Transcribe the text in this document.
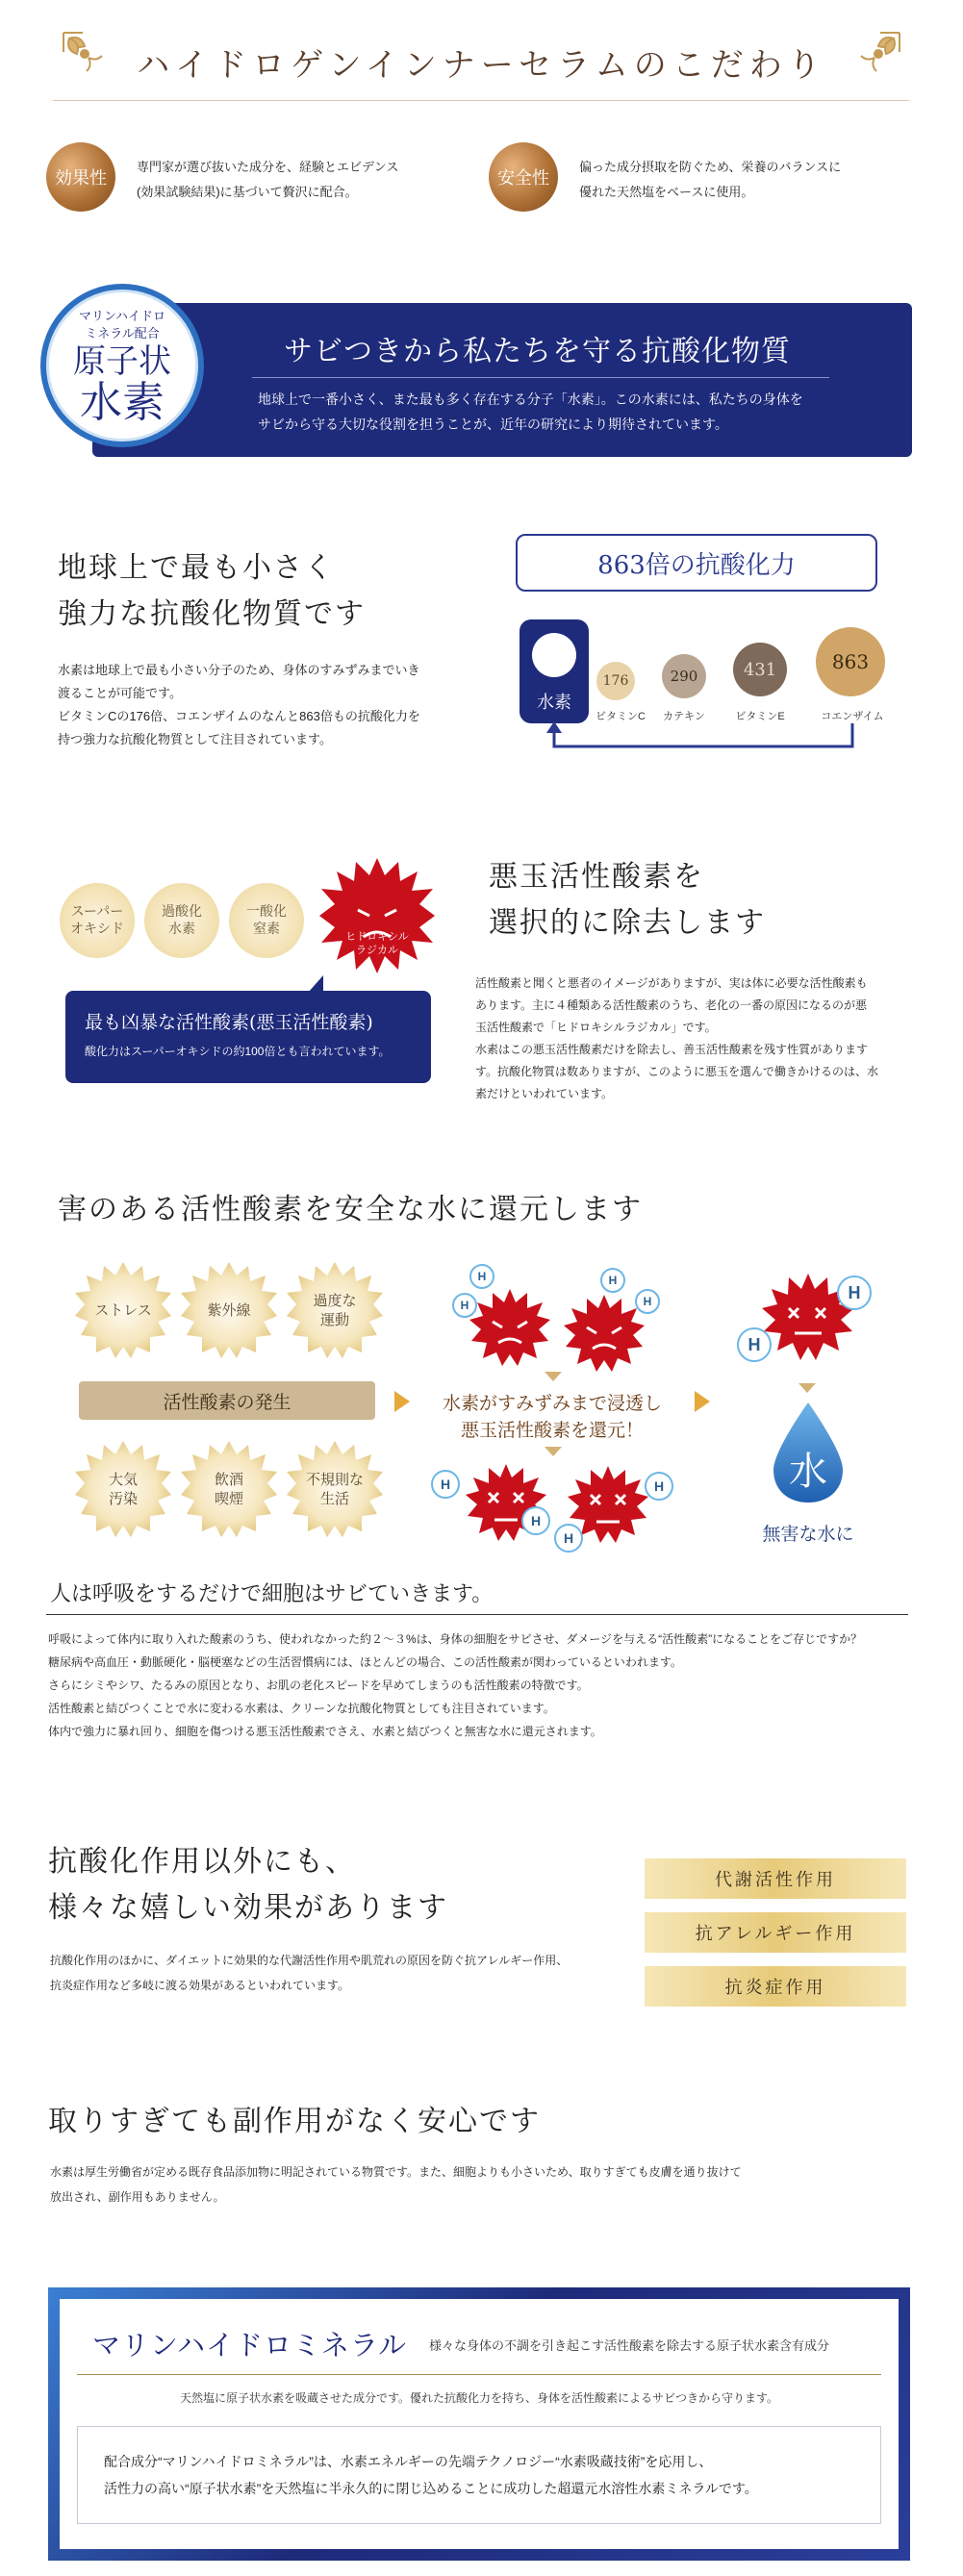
ハイドロゲンインナーセラムのこだわり
効果性
専門家が選び抜いた成分を、経験とエビデンス
(効果試験結果)に基づいて贅沢に配合。
安全性
偏った成分摂取を防ぐため、栄養のバランスに
優れた天然塩をベースに使用。
サビつきから私たちを守る抗酸化物質
地球上で一番小さく、また最も多く存在する分子「水素」。この水素には、私たちの身体を
サビから守る大切な役割を担うことが、近年の研究により期待されています。
マリンハイドロ
ミネラル配合
原子状
水素
地球上で最も小さく
強力な抗酸化物質です
水素は地球上で最も小さい分子のため、身体のすみずみまでいき
渡ることが可能です。
ビタミンCの176倍、コエンザイムのなんと863倍もの抗酸化力を
持つ強力な抗酸化物質として注目されています。
863倍の抗酸化力
水素
176
ビタミンC
290
カテキン
431
ビタミンE
863
コエンザイム
スーパー
オキシド
過酸化
水素
一酸化
窒素	ヒドロキシル
ラジカル
最も凶暴な活性酸素(悪玉活性酸素)
酸化力はスーパーオキシドの約100倍とも言われています。
悪玉活性酸素を
選択的に除去します
活性酸素と聞くと悪者のイメージがありますが、実は体に必要な活性酸素も
あります。主に４種類ある活性酸素のうち、老化の一番の原因になるのが悪
玉活性酸素で「ヒドロキシルラジカル」です。
水素はこの悪玉活性酸素だけを除去し、善玉活性酸素を残す性質があります
す。抗酸化物質は数ありますが、このように悪玉を選んで働きかけるのは、水
素だけといわれています。
害のある活性酸素を安全な水に還元します
ストレス	紫外線
過度な
運動
活性酸素の発生
大気
汚染
飲酒
喫煙
不規則な
生活
H
H
H
H
水素がすみずみまで浸透し
悪玉活性酸素を還元！
H
H
H
H
H
H
水
無害な水に
人は呼吸をするだけで細胞はサビていきます。
呼吸によって体内に取り入れた酸素のうち、使われなかった約２〜３%は、身体の細胞をサビさせ、ダメージを与える“活性酸素”になることをご存じですか？
糖尿病や高血圧・動脈硬化・脳梗塞などの生活習慣病には、ほとんどの場合、この活性酸素が関わっているといわれます。
さらにシミやシワ、たるみの原因となり、お肌の老化スピードを早めてしまうのも活性酸素の特徴です。
活性酸素と結びつくことで水に変わる水素は、クリーンな抗酸化物質としても注目されています。
体内で強力に暴れ回り、細胞を傷つける悪玉活性酸素でさえ、水素と結びつくと無害な水に還元されます。
抗酸化作用以外にも、
様々な嬉しい効果があります
抗酸化作用のほかに、ダイエットに効果的な代謝活性作用や肌荒れの原因を防ぐ抗アレルギー作用、
抗炎症作用など多岐に渡る効果があるといわれています。
代謝活性作用
抗アレルギー作用
抗炎症作用
取りすぎても副作用がなく安心です
水素は厚生労働省が定める既存食品添加物に明記されている物質です。また、細胞よりも小さいため、取りすぎても皮膚を通り抜けて
放出され、副作用もありません。
マリンハイドロミネラル 様々な身体の不調を引き起こす活性酸素を除去する原子状水素含有成分
天然塩に原子状水素を吸蔵させた成分です。優れた抗酸化力を持ち、身体を活性酸素によるサビつきから守ります。
配合成分“マリンハイドロミネラル”は、水素エネルギーの先端テクノロジー“水素吸蔵技術”を応用し、
活性力の高い“原子状水素”を天然塩に半永久的に閉じ込めることに成功した超還元水溶性水素ミネラルです。
